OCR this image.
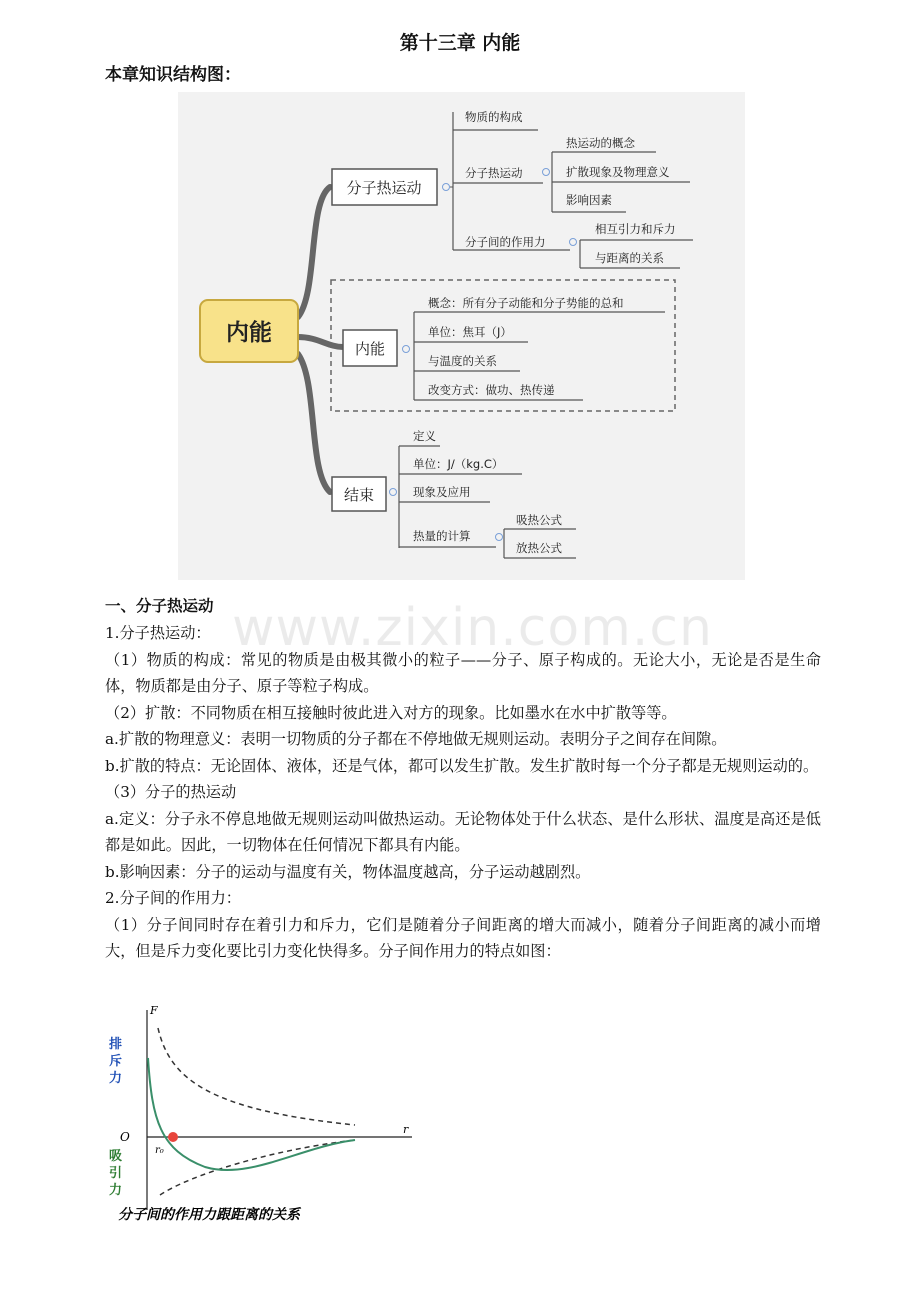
第十三章 内能
本章知识结构图：
内能
分子热运动
物质的构成
分子热运动
热运动的概念
扩散现象及物理意义
影响因素
分子间的作用力
相互引力和斥力
与距离的关系
内能
概念：所有分子动能和分子势能的总和
单位：焦耳（J）
与温度的关系
改变方式：做功、热传递
结束
定义
单位：J/（kg.C）
现象及应用
热量的计算
吸热公式
放热公式
www.zixin.com.cn
一、分子热运动

1.分子热运动：

（1）物质的构成：常见的物质是由极其微小的粒子——分子、原子构成的。无论大小，无论是否是生命体，物质都是由分子、原子等粒子构成。

（2）扩散：不同物质在相互接触时彼此进入对方的现象。比如墨水在水中扩散等等。

a.扩散的物理意义：表明一切物质的分子都在不停地做无规则运动。表明分子之间存在间隙。

b.扩散的特点：无论固体、液体，还是气体，都可以发生扩散。发生扩散时每一个分子都是无规则运动的。

（3）分子的热运动

a.定义：分子永不停息地做无规则运动叫做热运动。无论物体处于什么状态、是什么形状、温度是高还是低都是如此。因此，一切物体在任何情况下都具有内能。

b.影响因素：分子的运动与温度有关，物体温度越高，分子运动越剧烈。

2.分子间的作用力：

（1）分子间同时存在着引力和斥力，它们是随着分子间距离的增大而减小，随着分子间距离的减小而增大，但是斥力变化要比引力变化快得多。分子间作用力的特点如图：

F
r
O
r₀
排
斥
力
吸
引
力
分子间的作用力跟距离的关系
